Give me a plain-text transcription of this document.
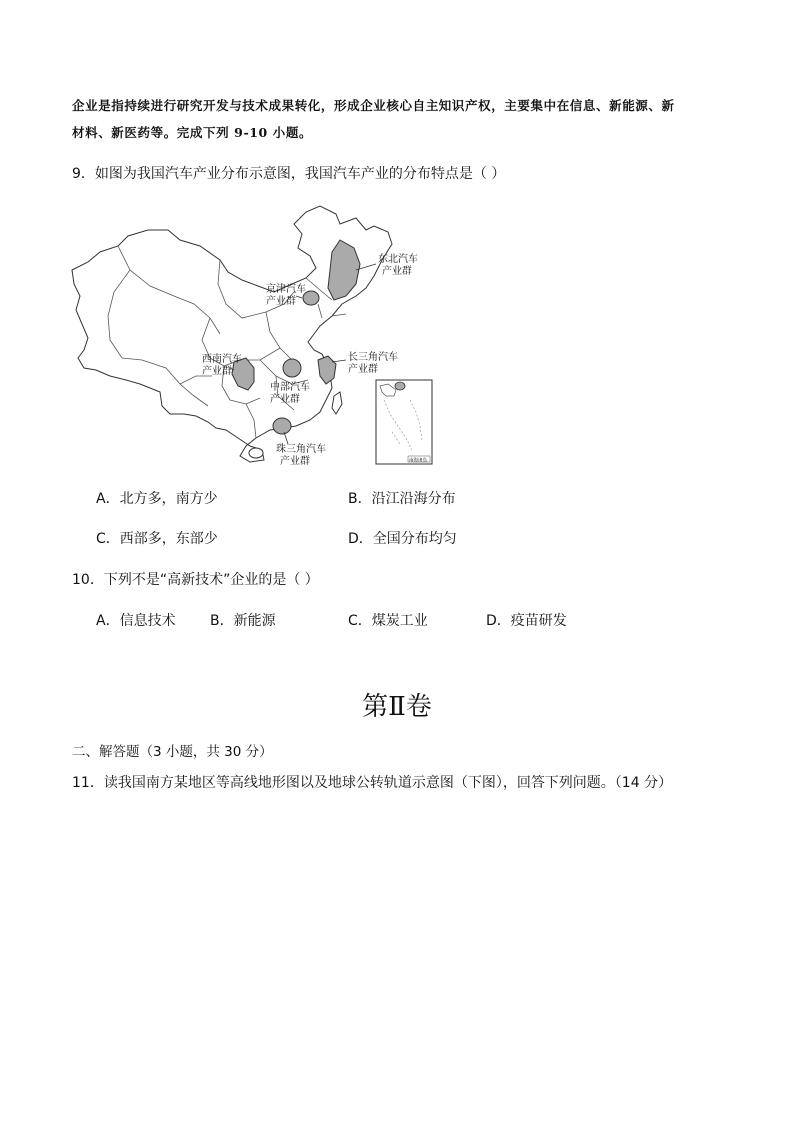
企业是指持续进行研究开发与技术成果转化，形成企业核心自主知识产权，主要集中在信息、新能源、新
材料、新医药等。完成下列 9-10 小题。
9．如图为我国汽车产业分布示意图，我国汽车产业的分布特点是（ ）
东北汽车
产业群
京津汽车
产业群
西南汽车
产业群
中部汽车
产业群
长三角汽车
产业群
珠三角汽车
产业群	南海诸岛
A．北方多，南方少	B．沿江沿海分布
C．西部多，东部少	D．全国分布均匀
10．下列不是“高新技术”企业的是（ ）
A．信息技术 B．新能源	C．煤炭工业	D．疫苗研发
第Ⅱ卷
二、解答题（3 小题，共 30 分）
11．读我国南方某地区等高线地形图以及地球公转轨道示意图（下图），回答下列问题。（14 分）
